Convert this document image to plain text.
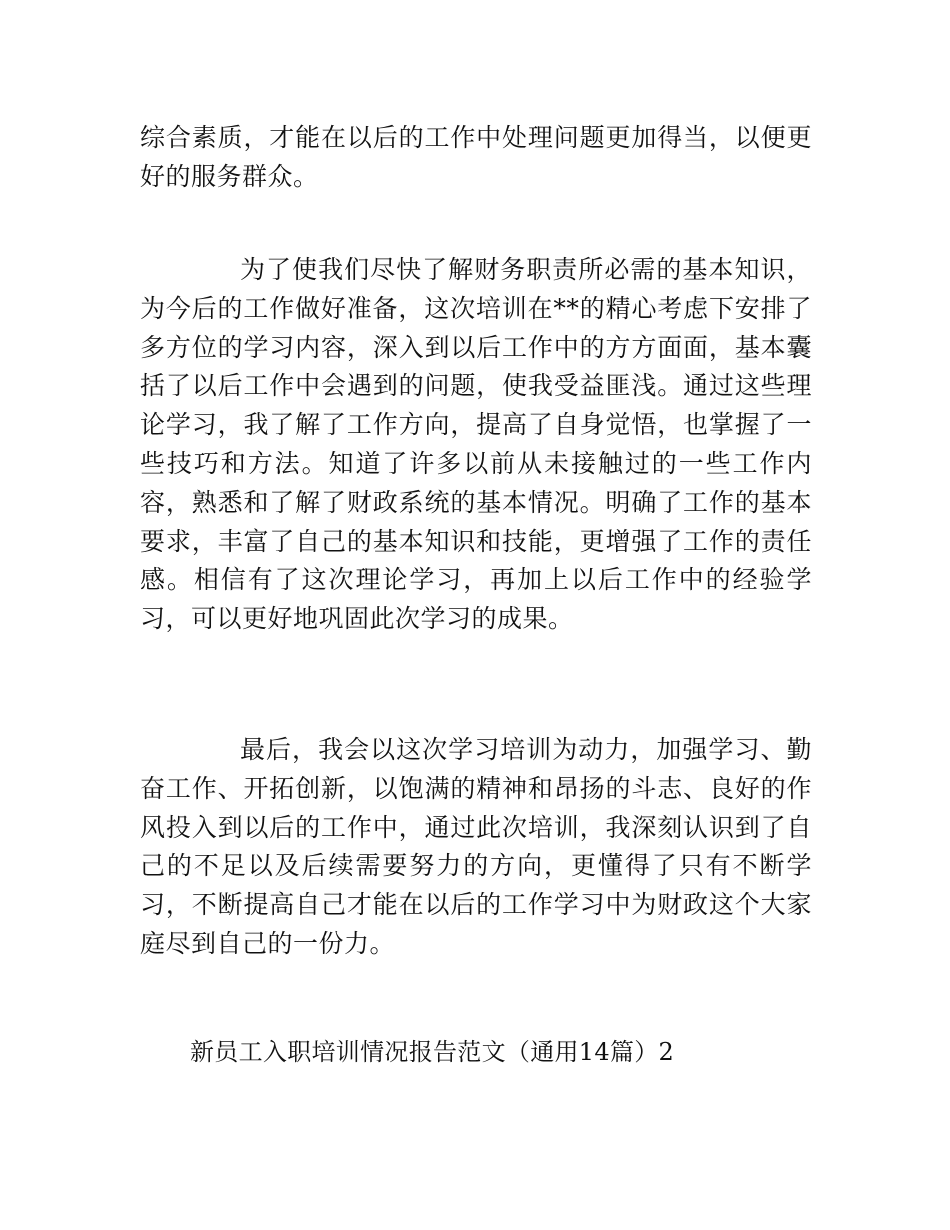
综合素质，才能在以后的工作中处理问题更加得当，以便更好的服务群众。

为了使我们尽快了解财务职责所必需的基本知识，为今后的工作做好准备，这次培训在**的精心考虑下安排了多方位的学习内容，深入到以后工作中的方方面面，基本囊括了以后工作中会遇到的问题，使我受益匪浅。通过这些理论学习，我了解了工作方向，提高了自身觉悟，也掌握了一些技巧和方法。知道了许多以前从未接触过的一些工作内容，熟悉和了解了财政系统的基本情况。明确了工作的基本要求，丰富了自己的基本知识和技能，更增强了工作的责任感。相信有了这次理论学习，再加上以后工作中的经验学习，可以更好地巩固此次学习的成果。

最后，我会以这次学习培训为动力，加强学习、勤奋工作、开拓创新，以饱满的精神和昂扬的斗志、良好的作风投入到以后的工作中，通过此次培训，我深刻认识到了自己的不足以及后续需要努力的方向，更懂得了只有不断学习，不断提高自己才能在以后的工作学习中为财政这个大家庭尽到自己的一份力。

新员工入职培训情况报告范文（通用14篇）2
